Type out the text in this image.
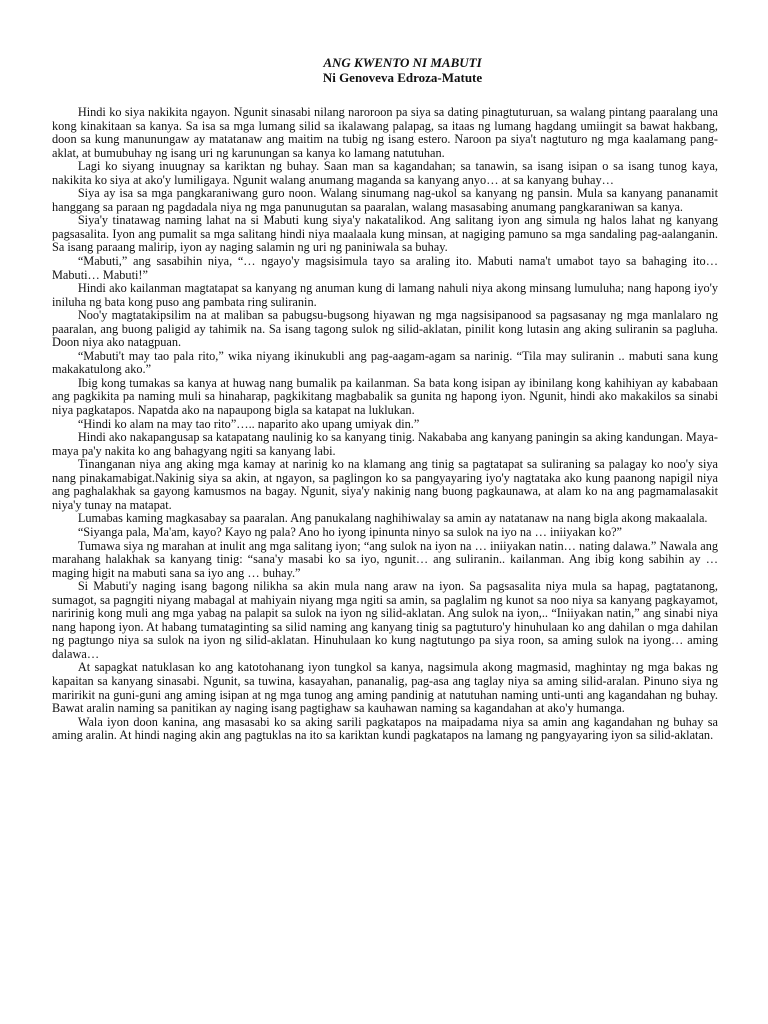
ANG KWENTO NI MABUTI
Ni Genoveva Edroza-Matute

Hindi ko siya nakikita ngayon. Ngunit sinasabi nilang naroroon pa siya sa dating pinagtuturuan, sa walang pintang paaralang una kong kinakitaan sa kanya. Sa isa sa mga lumang silid sa ikalawang palapag, sa itaas ng lumang hagdang umiingit sa bawat hakbang, doon sa kung manunungaw ay matatanaw ang maitim na tubig ng isang estero. Naroon pa siya't nagtuturo ng mga kaalamang pang-aklat, at bumubuhay ng isang uri ng karunungan sa kanya ko lamang natutuhan.

Lagi ko siyang inuugnay sa kariktan ng buhay. Saan man sa kagandahan; sa tanawin, sa isang isipan o sa isang tunog kaya, nakikita ko siya at ako'y lumiligaya. Ngunit walang anumang maganda sa kanyang anyo… at sa kanyang buhay…

Siya ay isa sa mga pangkaraniwang guro noon. Walang sinumang nag-ukol sa kanyang ng pansin. Mula sa kanyang pananamit hanggang sa paraan ng pagdadala niya ng mga panunugutan sa paaralan, walang masasabing anumang pangkaraniwan sa kanya.

Siya'y tinatawag naming lahat na si Mabuti kung siya'y nakatalikod. Ang salitang iyon ang simula ng halos lahat ng kanyang pagsasalita. Iyon ang pumalit sa mga salitang hindi niya maalaala kung minsan, at nagiging pamuno sa mga sandaling pag-aalanganin. Sa isang paraang malirip, iyon ay naging salamin ng uri ng paniniwala sa buhay.

“Mabuti,” ang sasabihin niya, “… ngayo'y magsisimula tayo sa araling ito. Mabuti nama't umabot tayo sa bahaging ito… Mabuti… Mabuti!”

Hindi ako kailanman magtatapat sa kanyang ng anuman kung di lamang nahuli niya akong minsang lumuluha; nang hapong iyo'y iniluha ng bata kong puso ang pambata ring suliranin.

Noo'y magtatakipsilim na at maliban sa pabugsu-bugsong hiyawan ng mga nagsisipanood sa pagsasanay ng mga manlalaro ng paaralan, ang buong paligid ay tahimik na. Sa isang tagong sulok ng silid-aklatan, pinilit kong lutasin ang aking suliranin sa pagluha. Doon niya ako natagpuan.

“Mabuti't may tao pala rito,” wika niyang ikinukubli ang pag-aagam-agam sa narinig. “Tila may suliranin .. mabuti sana kung makakatulong ako.”

Ibig kong tumakas sa kanya at huwag nang bumalik pa kailanman. Sa bata kong isipan ay ibinilang kong kahihiyan ay kababaan ang pagkikita pa naming muli sa hinaharap, pagkikitang magbabalik sa gunita ng hapong iyon. Ngunit, hindi ako makakilos sa sinabi niya pagkatapos. Napatda ako na napaupong bigla sa katapat na luklukan.

“Hindi ko alam na may tao rito”….. naparito ako upang umiyak din.”

Hindi ako nakapangusap sa katapatang naulinig ko sa kanyang tinig. Nakababa ang kanyang paningin sa aking kandungan. Maya-maya pa'y nakita ko ang bahagyang ngiti sa kanyang labi.

Tinanganan niya ang aking mga kamay at narinig ko na klamang ang tinig sa pagtatapat sa suliraning sa palagay ko noo'y siya nang pinakamabigat.Nakinig siya sa akin, at ngayon, sa paglingon ko sa pangyayaring iyo'y nagtataka ako kung paanong napigil niya ang paghalakhak sa gayong kamusmos na bagay. Ngunit, siya'y nakinig nang buong pagkaunawa, at alam ko na ang pagmamalasakit niya'y tunay na matapat.

Lumabas kaming magkasabay sa paaralan. Ang panukalang naghihiwalay sa amin ay natatanaw na nang bigla akong makaalala.

“Siyanga pala, Ma'am, kayo? Kayo ng pala? Ano ho iyong ipinunta ninyo sa sulok na iyo na … iniiyakan ko?”

Tumawa siya ng marahan at inulit ang mga salitang iyon; “ang sulok na iyon na … iniiyakan natin… nating dalawa.” Nawala ang marahang halakhak sa kanyang tinig: “sana'y masabi ko sa iyo, ngunit… ang suliranin.. kailanman. Ang ibig kong sabihin ay … maging higit na mabuti sana sa iyo ang … buhay.”

Si Mabuti'y naging isang bagong nilikha sa akin mula nang araw na iyon. Sa pagsasalita niya mula sa hapag, pagtatanong, sumagot, sa pagngiti niyang mabagal at mahiyain niyang mga ngiti sa amin, sa paglalim ng kunot sa noo niya sa kanyang pagkayamot, naririnig kong muli ang mga yabag na palapit sa sulok na iyon ng silid-aklatan. Ang sulok na iyon,.. “Iniiyakan natin,” ang sinabi niya nang hapong iyon. At habang tumataginting sa silid naming ang kanyang tinig sa pagtuturo'y hinuhulaan ko ang dahilan o mga dahilan ng pagtungo niya sa sulok na iyon ng silid-aklatan. Hinuhulaan ko kung nagtutungo pa siya roon, sa aming sulok na iyong… aming dalawa…

At sapagkat natuklasan ko ang katotohanang iyon tungkol sa kanya, nagsimula akong magmasid, maghintay ng mga bakas ng kapaitan sa kanyang sinasabi. Ngunit, sa tuwina, kasayahan, pananalig, pag-asa ang taglay niya sa aming silid-aralan. Pinuno siya ng maririkit na guni-guni ang aming isipan at ng mga tunog ang aming pandinig at natutuhan naming unti-unti ang kagandahan ng buhay. Bawat aralin naming sa panitikan ay naging isang pagtighaw sa kauhawan naming sa kagandahan at ako'y humanga.

Wala iyon doon kanina, ang masasabi ko sa aking sarili pagkatapos na maipadama niya sa amin ang kagandahan ng buhay sa aming aralin. At hindi naging akin ang pagtuklas na ito sa kariktan kundi pagkatapos na lamang ng pangyayaring iyon sa silid-aklatan.
